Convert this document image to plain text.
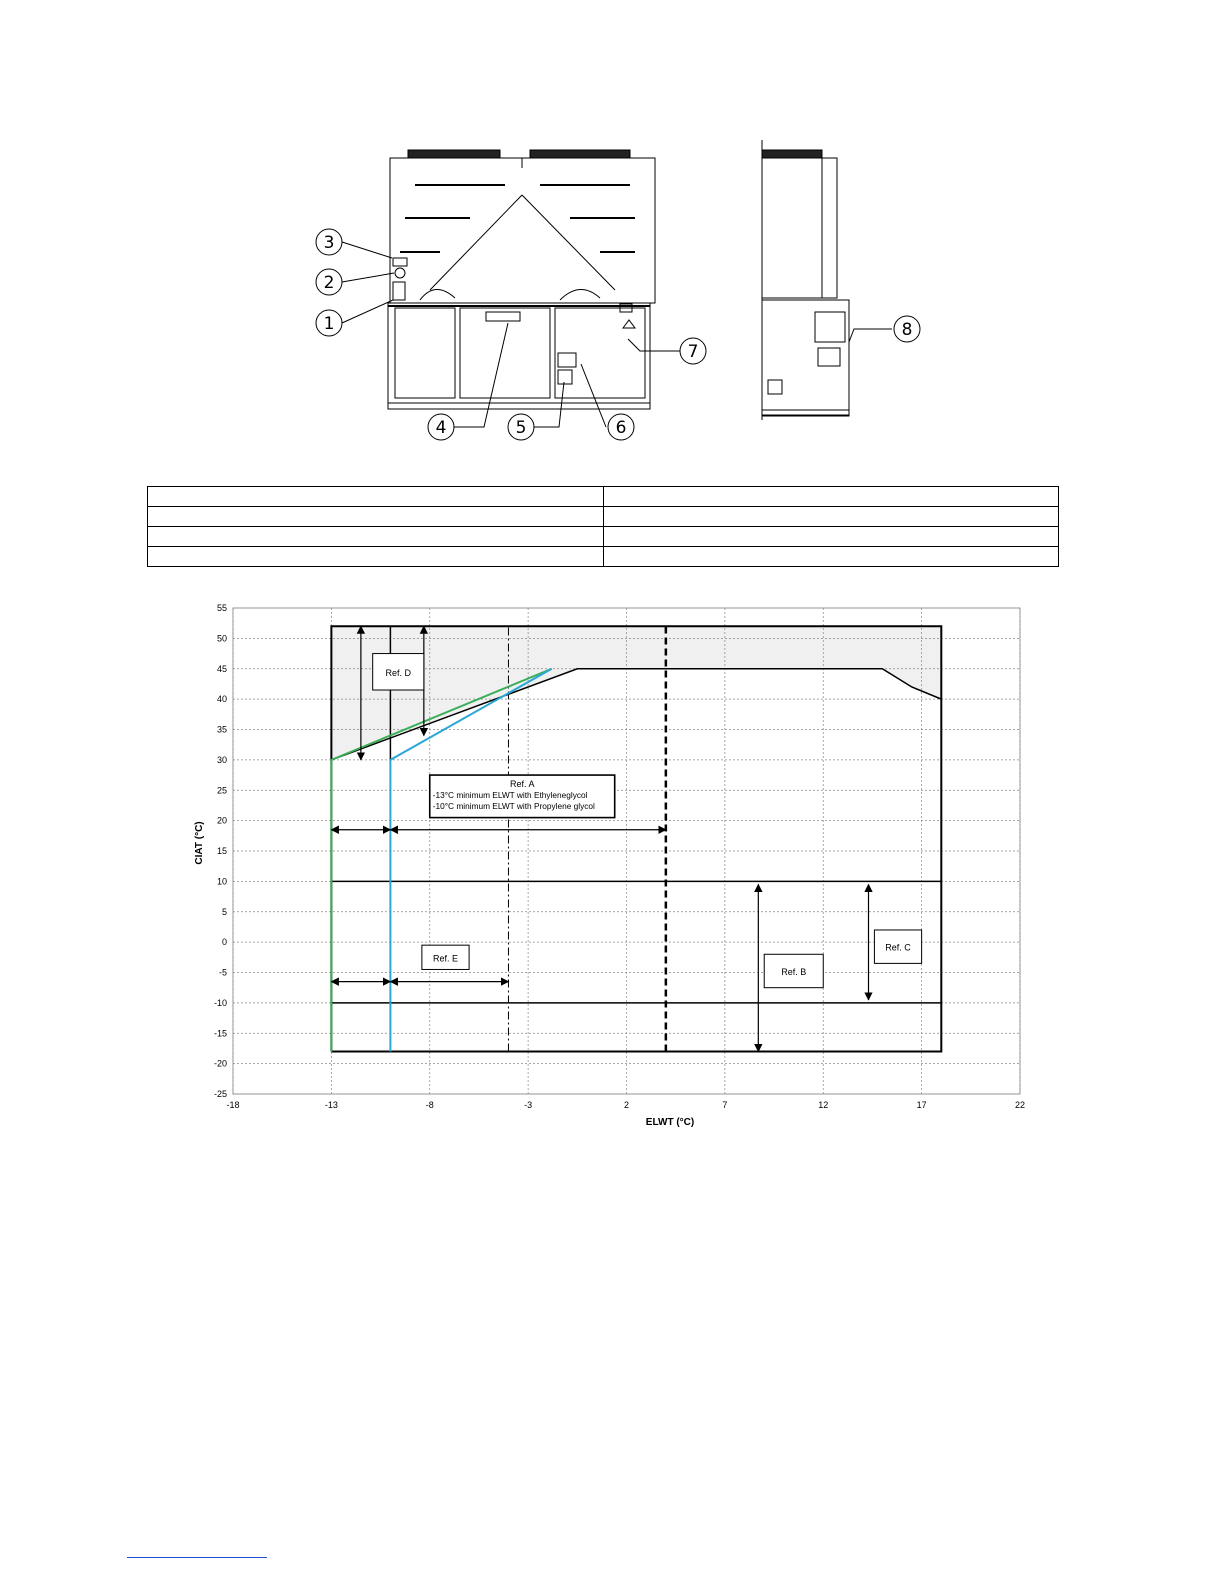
3
2
1
4	5	6
7
8

-18	-13	-8	-3	2	7	12	17	22
-25
-20
-15
-10
-5
0
5
10
15
20
25
30
35
40
45
50
55
Ref. A
-13°C minimum ELWT with Ethyleneglycol
-10°C minimum ELWT with Propylene glycol
Ref. B
Ref. C
Ref. D
Ref. E
ELWT (°C)
CIAT (°C)
